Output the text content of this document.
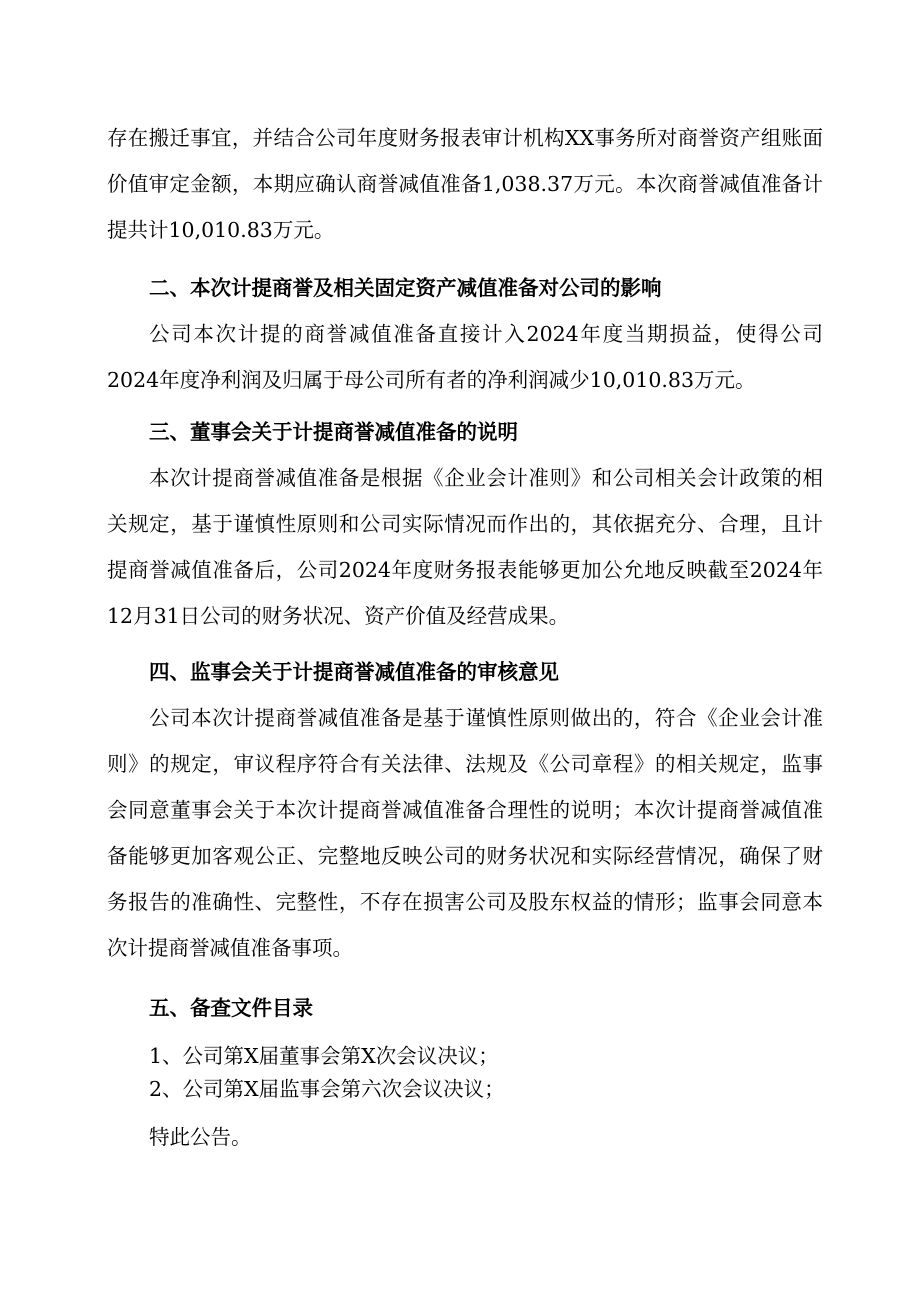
存在搬迁事宜，并结合公司年度财务报表审计机构XX事务所对商誉资产组账面价值审定金额，本期应确认商誉减值准备1,038.37万元。本次商誉减值准备计提共计10,010.83万元。

二、本次计提商誉及相关固定资产减值准备对公司的影响

公司本次计提的商誉减值准备直接计入2024年度当期损益，使得公司2024年度净利润及归属于母公司所有者的净利润减少10,010.83万元。

三、董事会关于计提商誉减值准备的说明

本次计提商誉减值准备是根据《企业会计准则》和公司相关会计政策的相关规定，基于谨慎性原则和公司实际情况而作出的，其依据充分、合理，且计提商誉减值准备后，公司2024年度财务报表能够更加公允地反映截至2024年12月31日公司的财务状况、资产价值及经营成果。

四、监事会关于计提商誉减值准备的审核意见

公司本次计提商誉减值准备是基于谨慎性原则做出的，符合《企业会计准则》的规定，审议程序符合有关法律、法规及《公司章程》的相关规定，监事会同意董事会关于本次计提商誉减值准备合理性的说明；本次计提商誉减值准备能够更加客观公正、完整地反映公司的财务状况和实际经营情况，确保了财务报告的准确性、完整性，不存在损害公司及股东权益的情形；监事会同意本次计提商誉减值准备事项。

五、备查文件目录
1、公司第X届董事会第X次会议决议；
2、公司第X届监事会第六次会议决议；
特此公告。
